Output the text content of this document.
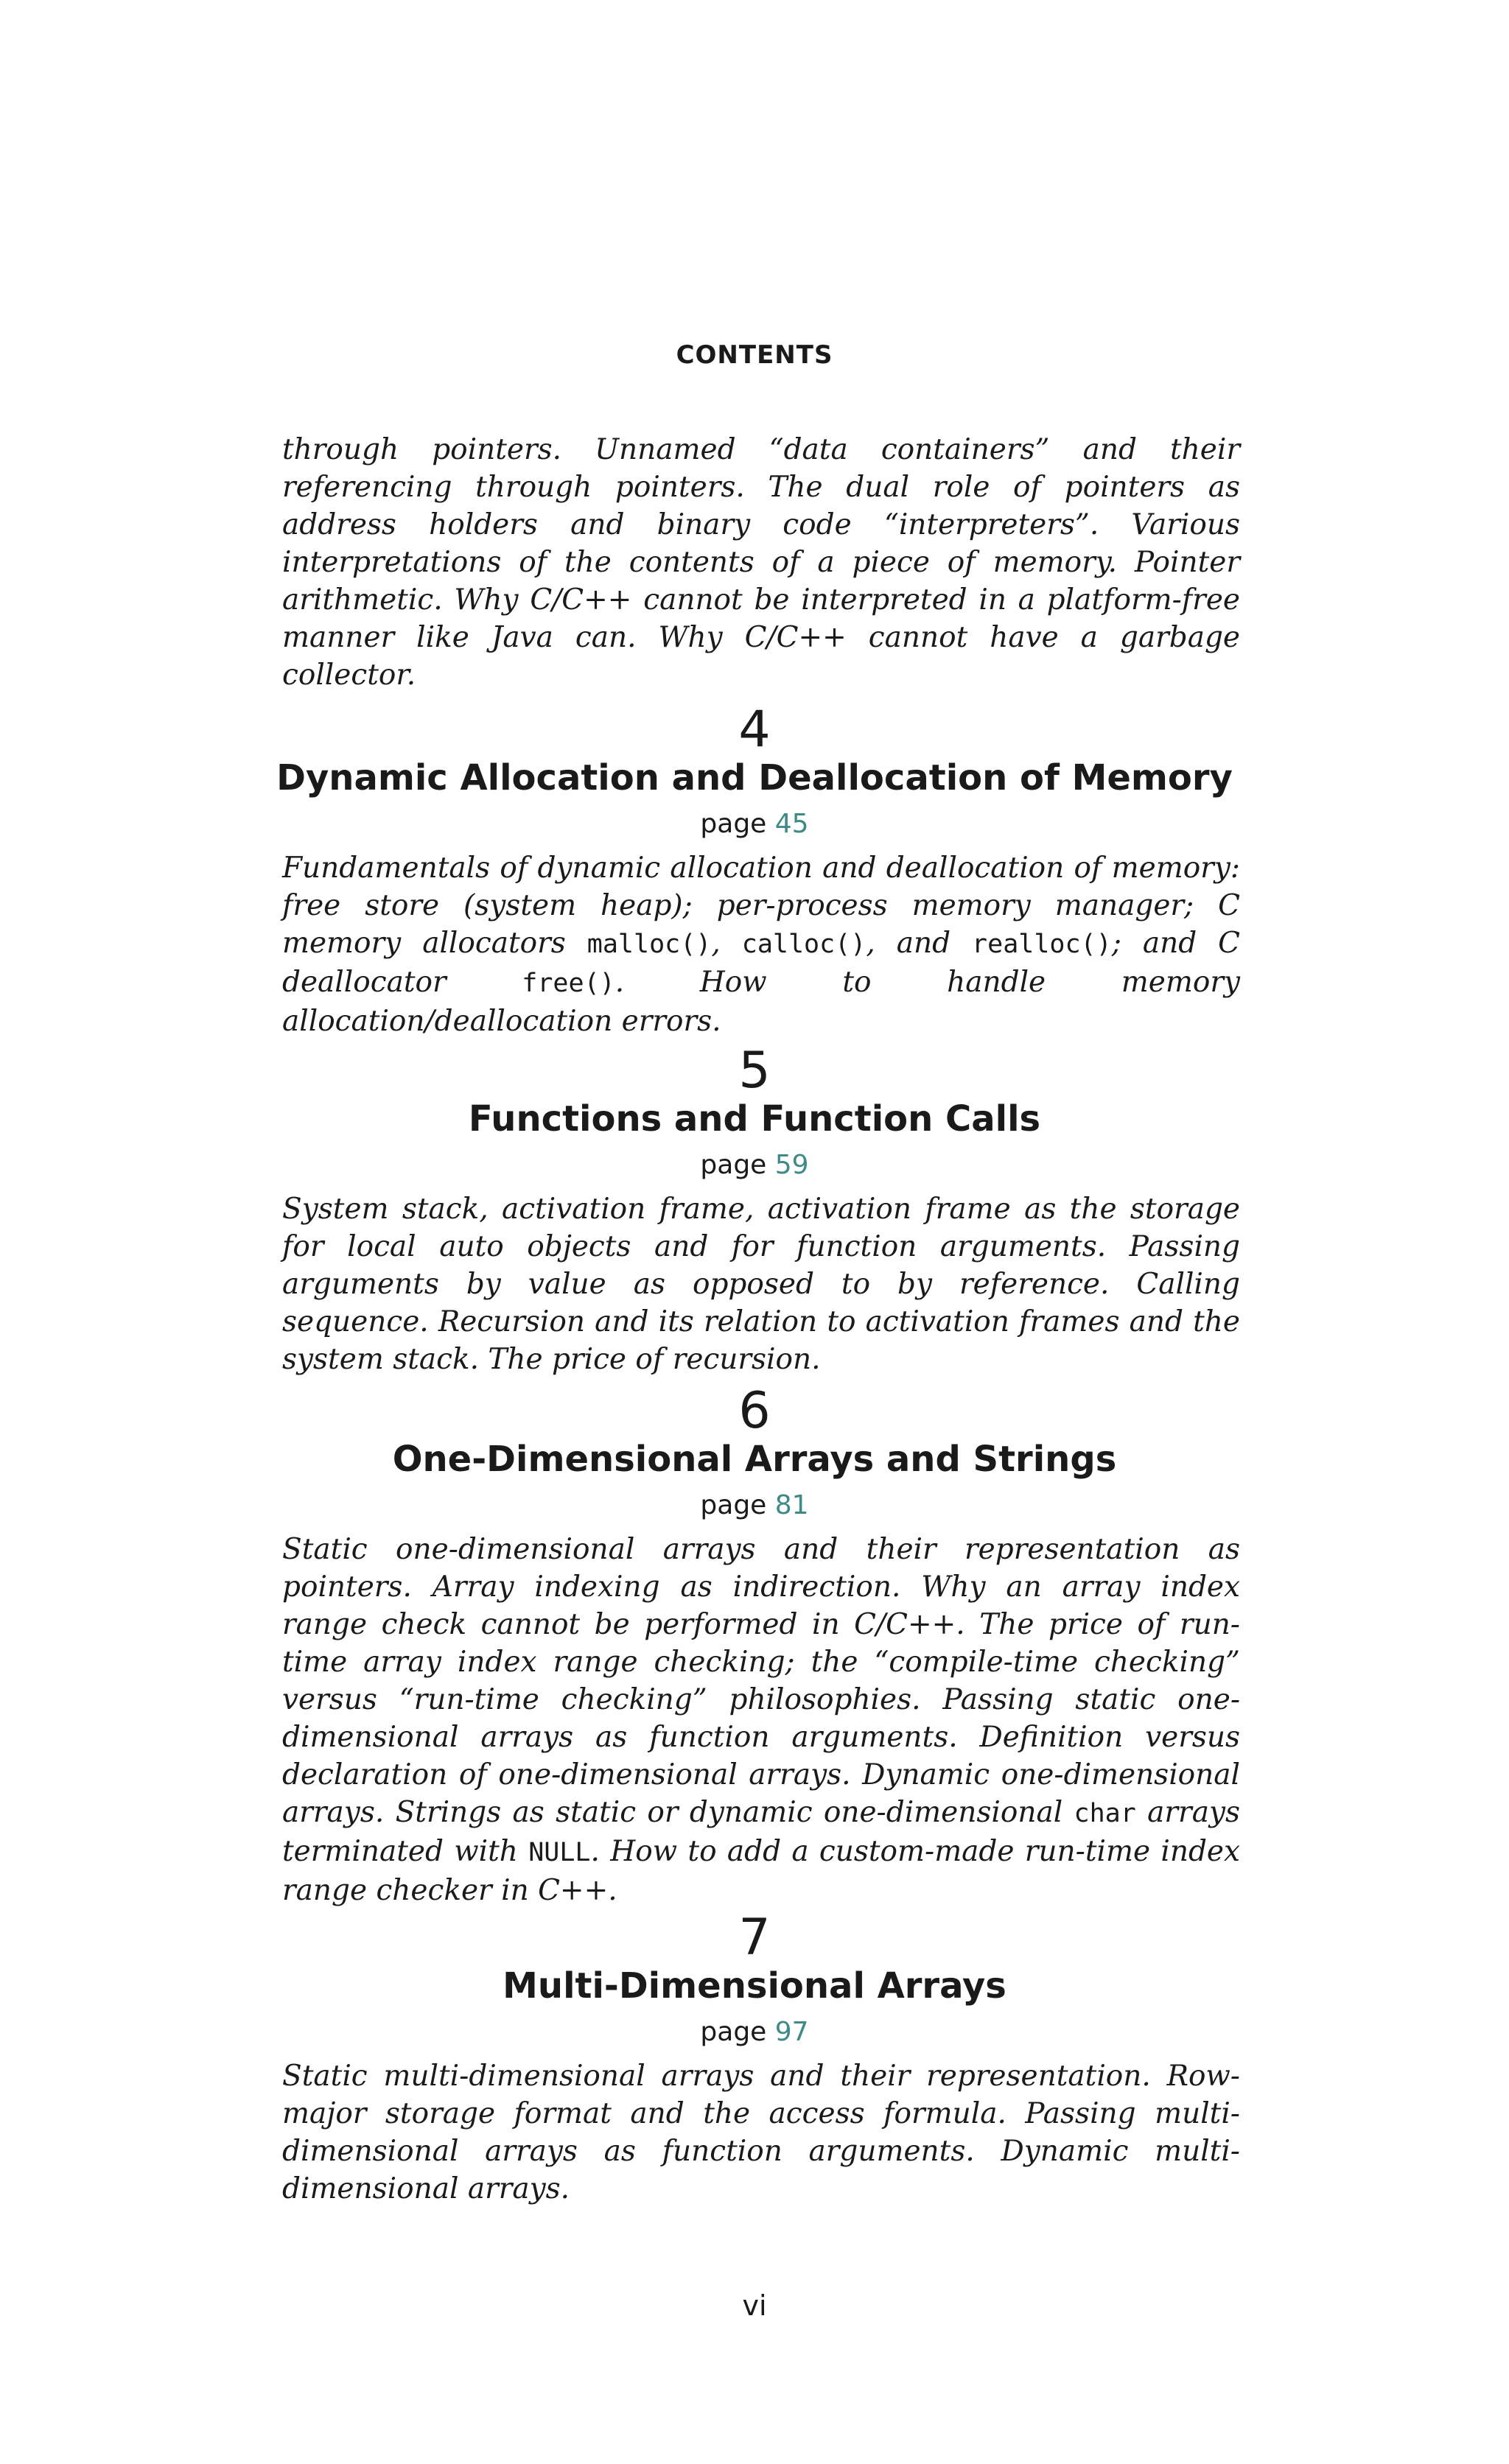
CONTENTS

through pointers. Unnamed “data containers” and their referencing through pointers. The dual role of pointers as address holders and binary code “interpreters”. Various interpretations of the contents of a piece of memory. Pointer arithmetic. Why C/C++ cannot be interpreted in a platform-free manner like Java can. Why C/C++ cannot have a garbage collector.

4
Dynamic Allocation and Deallocation of Memory
page 45

Fundamentals of dynamic allocation and deallocation of memory: free store (system heap); per-process memory manager; C memory allocators malloc(), calloc(), and realloc(); and C deallocator free(). How to handle memory allocation/deallocation errors.

5
Functions and Function Calls
page 59

System stack, activation frame, activation frame as the storage for local auto objects and for function arguments. Passing arguments by value as opposed to by reference. Calling sequence. Recursion and its relation to activation frames and the system stack. The price of recursion.

6
One-Dimensional Arrays and Strings
page 81

Static one-dimensional arrays and their representation as pointers. Array indexing as indirection. Why an array index range check cannot be performed in C/C++. The price of run-time array index range checking; the “compile-time checking” versus “run-time checking” philosophies. Passing static one-dimensional arrays as function arguments. Definition versus declaration of one-dimensional arrays. Dynamic one-dimensional arrays. Strings as static or dynamic one-dimensional char arrays terminated with NULL. How to add a custom-made run-time index range checker in C++.

7
Multi-Dimensional Arrays
page 97

Static multi-dimensional arrays and their representation. Row-major storage format and the access formula. Passing multi-dimensional arrays as function arguments. Dynamic multi-dimensional arrays.

vi
